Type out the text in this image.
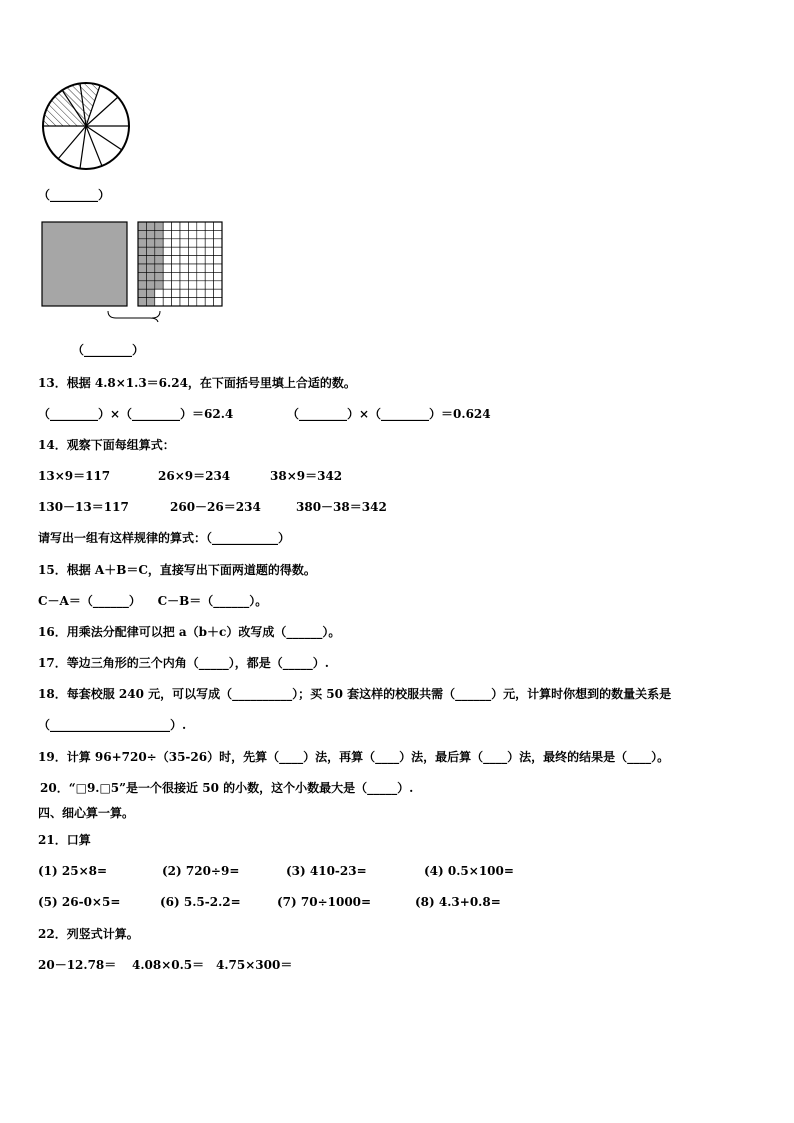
（________）
（________）
13．根据 4.8×1.3＝6.24，在下面括号里填上合适的数。
（________）×（________）＝62.4	（________）×（________）＝0.624
14．观察下面每组算式：
13×9＝117	26×9＝234	38×9＝342
130－13＝117	260－26＝234	380－38＝342
请写出一组有这样规律的算式：（___________）
15．根据 A＋B＝C，直接写出下面两道题的得数。
C－A＝（______）    C－B＝（______）。
16．用乘法分配律可以把 a（b＋c）改写成（______）。
17．等边三角形的三个内角（_____），都是（_____）.
18．每套校服 240 元，可以写成（__________）；买 50 套这样的校服共需（______）元，计算时你想到的数量关系是
（____________________）.
19．计算 96+720÷（35-26）时，先算（____）法，再算（____）法，最后算（____）法，最终的结果是（____）。
20．“□9.□5”是一个很接近 50 的小数，这个小数最大是（_____）.
四、细心算一算。
21．口算
(1) 25×8=	(2) 720÷9=	(3) 410-23=	(4) 0.5×100=
(5) 26-0×5=	(6) 5.5-2.2=	(7) 70÷1000=	(8) 4.3+0.8=
22．列竖式计算。
20－12.78＝ 4.08×0.5＝ 4.75×300＝
